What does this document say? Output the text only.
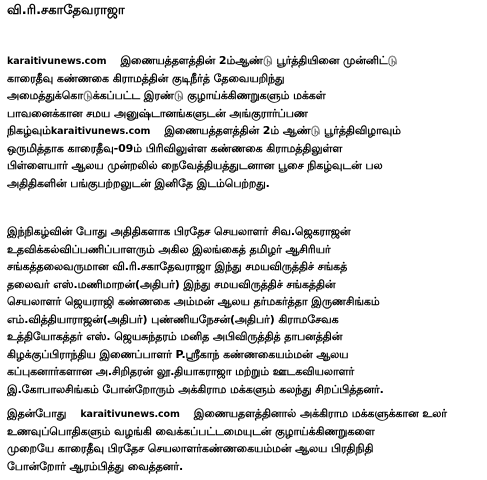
வி.ரி.சகாதேவராஜா
karaitivunews.com இணையத்தளத்தின் 2ம்ஆண்டு பூர்த்தியினை முன்னிட்டு
காரைதீவு கண்ணகை கிராமத்தின் குடிநீர்த் தேவையறிந்து
அமைத்துக்கொடுக்கப்பட்ட இரண்டு குழாய்க்கிணறுகளும் மக்கள்
பாவனைக்கான சமய அனுஷ்டானங்களுடன் அங்குரார்ப்பண
நிகழ்வும்karaitivunews.com இணையத்தளத்தின் 2ம் ஆண்டு பூர்த்திவிழாவும்
ஒருமித்தாக காரைதீவு-09ம் பிரிவிலுள்ள கண்ணகை கிராமத்திலுள்ள
பிள்ளையார் ஆலய முன்றலில் நைவேத்தியத்துடனான பூசை நிகழ்வுடன் பல
அதிதிகளின் பங்குபற்றலுடன் இனிதே இடம்பெற்றது.
இந்நிகழ்வின் போது அதிதிகளாக பிரதேச செயலாளர் சிவ.ஜெகராஜன்
உதவிக்கல்விப்பணிப்பாளரும் அகில இலங்கைத் தமிழர் ஆசிரியர்
சங்கத்தலைவருமான வி.ரி.சகாதேவராஜா இந்து சமயவிருத்திச் சங்கத்
தலைவர் எஸ்.மணிமாறன்(அதிபர்) இந்து சமயவிருத்திச் சங்கத்தின்
செயலாளர் ஜெயராஜி கண்ணகை அம்மன் ஆலய தர்மகர்த்தா இருணசிங்கம்
எம்.வித்தியாராஜன்(அதிபர்) புண்ணியநேசன்(அதிபர்) கிராமசேவக
உத்தியோகத்தர் எஸ். ஜெயசுந்தரம் மனித அபிவிருத்தித் தாபனத்தின்
கிழக்குப்பிராந்திய இணைப்பாளர் P.ஸ்ரீகாந் கண்ணகையம்மன் ஆலய
கப்புகனார்களான அ.சிறிதரன் லூ.தியாகராஜா மற்றும் ஊடகவியலாளர்
இ.கோபாலசிங்கம் போன்றோரும் அக்கிராம மக்களும் கலந்து சிறப்பித்தனர்.
இதன்போது karaitivunews.com இணையதளத்தினால் அக்கிராம மக்களுக்கான உலர்
உணவுப்பொதிகளும் வழங்கி வைக்கப்பட்டமையுடன் குழாய்க்கிணறுகளை
முறையே காரைதீவு பிரதேச செயலாளர்கண்ணகையம்மன் ஆலய பிரதிநிதி
போன்றோர் ஆரம்பித்து வைத்தனர்.
